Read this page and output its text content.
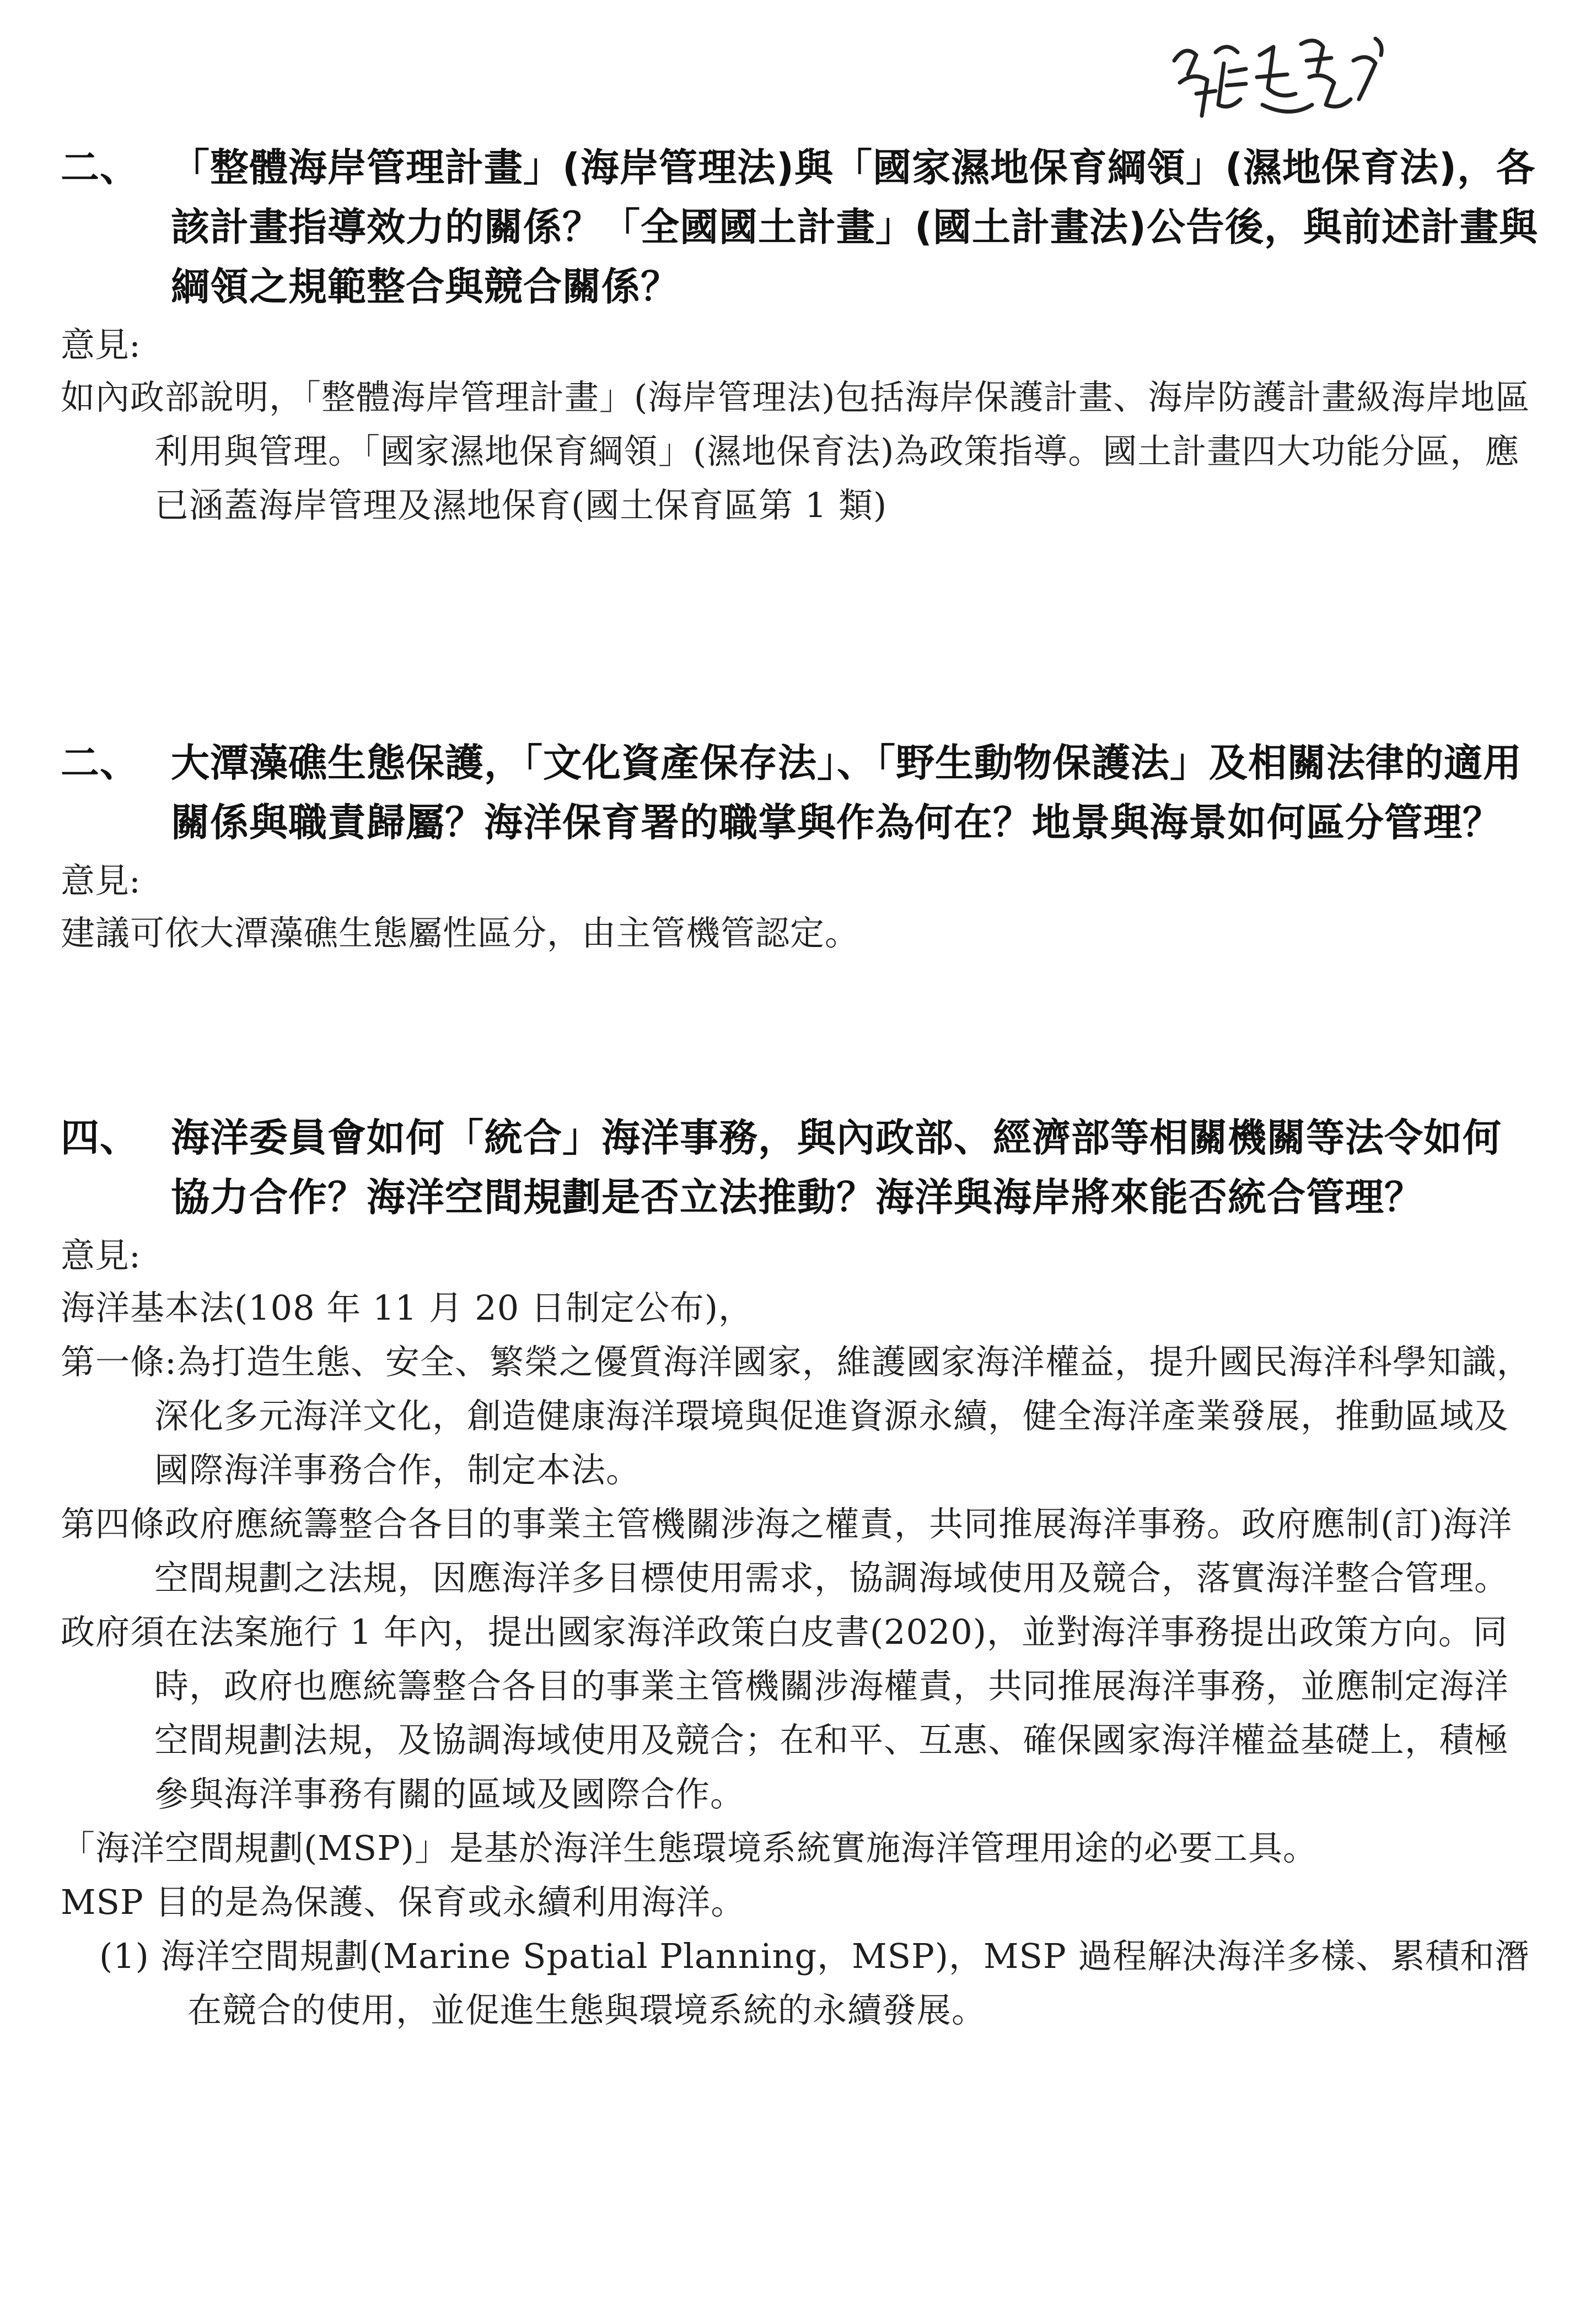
二、 「整體海岸管理計畫」(海岸管理法)與「國家濕地保育綱領」(濕地保育法)，各該計畫指導效力的關係？「全國國土計畫」(國土計畫法)公告後，與前述計畫與綱領之規範整合與競合關係？

意見:

如內政部說明，「整體海岸管理計畫」(海岸管理法)包括海岸保護計畫、海岸防護計畫級海岸地區利用與管理。「國家濕地保育綱領」(濕地保育法)為政策指導。國土計畫四大功能分區，應已涵蓋海岸管理及濕地保育(國土保育區第 1 類)

二、 大潭藻礁生態保護，「文化資產保存法」、「野生動物保護法」及相關法律的適用關係與職責歸屬？海洋保育署的職掌與作為何在？地景與海景如何區分管理？

意見:

建議可依大潭藻礁生態屬性區分，由主管機管認定。

四、 海洋委員會如何「統合」海洋事務，與內政部、經濟部等相關機關等法令如何協力合作？海洋空間規劃是否立法推動？海洋與海岸將來能否統合管理？

意見:

海洋基本法(108 年 11 月 20 日制定公布)，

第一條:為打造生態、安全、繁榮之優質海洋國家，維護國家海洋權益，提升國民海洋科學知識，深化多元海洋文化，創造健康海洋環境與促進資源永續，健全海洋產業發展，推動區域及國際海洋事務合作，制定本法。

第四條政府應統籌整合各目的事業主管機關涉海之權責，共同推展海洋事務。政府應制(訂)海洋空間規劃之法規，因應海洋多目標使用需求，協調海域使用及競合，落實海洋整合管理。

政府須在法案施行 1 年內，提出國家海洋政策白皮書(2020)，並對海洋事務提出政策方向。同時，政府也應統籌整合各目的事業主管機關涉海權責，共同推展海洋事務，並應制定海洋空間規劃法規，及協調海域使用及競合；在和平、互惠、確保國家海洋權益基礎上，積極參與海洋事務有關的區域及國際合作。

「海洋空間規劃(MSP)」是基於海洋生態環境系統實施海洋管理用途的必要工具。

MSP 目的是為保護、保育或永續利用海洋。

(1) 海洋空間規劃(Marine Spatial Planning，MSP)，MSP 過程解決海洋多樣、累積和潛在競合的使用，並促進生態與環境系統的永續發展。
